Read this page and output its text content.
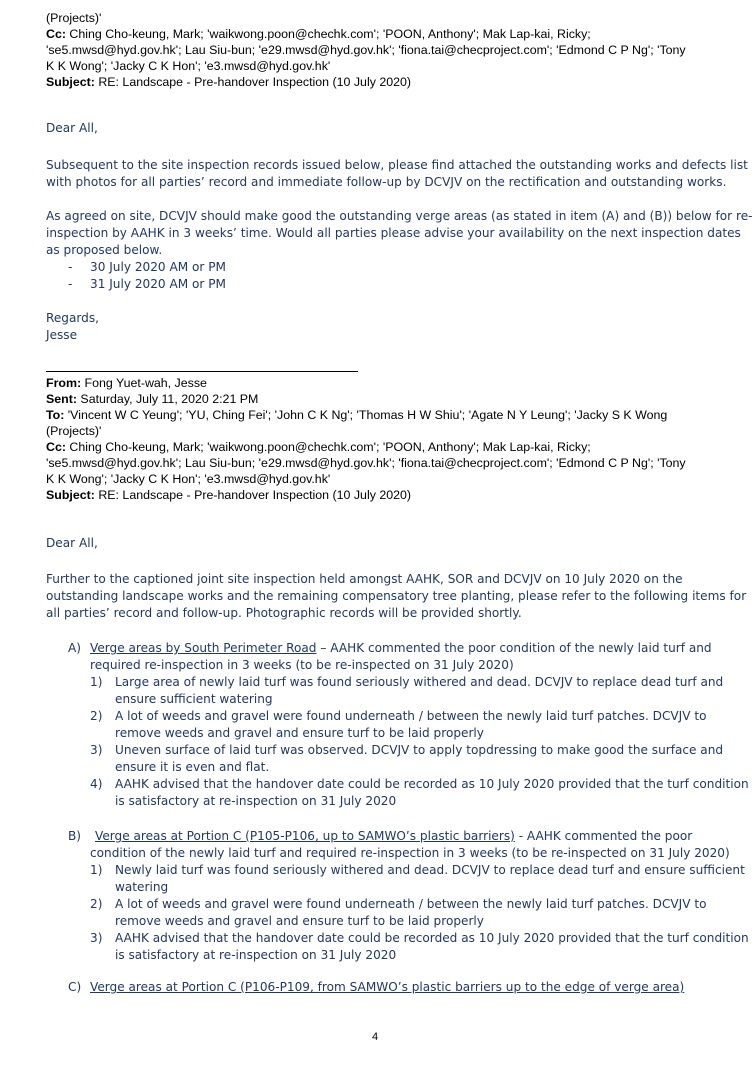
(Projects)'
Cc: Ching Cho-keung, Mark; 'waikwong.poon@chechk.com'; 'POON, Anthony'; Mak Lap-kai, Ricky;
'se5.mwsd@hyd.gov.hk'; Lau Siu-bun; 'e29.mwsd@hyd.gov.hk'; 'fiona.tai@checproject.com'; 'Edmond C P Ng'; 'Tony
K K Wong'; 'Jacky C K Hon'; 'e3.mwsd@hyd.gov.hk'
Subject: RE: Landscape - Pre-handover Inspection (10 July 2020)
Dear All,
Subsequent to the site inspection records issued below, please find attached the outstanding works and defects list
with photos for all parties’ record and immediate follow-up by DCVJV on the rectification and outstanding works.
As agreed on site, DCVJV should make good the outstanding verge areas (as stated in item (A) and (B)) below for re-
inspection by AAHK in 3 weeks’ time. Would all parties please advise your availability on the next inspection dates
as proposed below.
- 30 July 2020 AM or PM
- 31 July 2020 AM or PM
Regards,
Jesse
From: Fong Yuet-wah, Jesse
Sent: Saturday, July 11, 2020 2:21 PM
To: 'Vincent W C Yeung'; 'YU, Ching Fei'; 'John C K Ng'; 'Thomas H W Shiu'; 'Agate N Y Leung'; 'Jacky S K Wong
(Projects)'
Cc: Ching Cho-keung, Mark; 'waikwong.poon@chechk.com'; 'POON, Anthony'; Mak Lap-kai, Ricky;
'se5.mwsd@hyd.gov.hk'; Lau Siu-bun; 'e29.mwsd@hyd.gov.hk'; 'fiona.tai@checproject.com'; 'Edmond C P Ng'; 'Tony
K K Wong'; 'Jacky C K Hon'; 'e3.mwsd@hyd.gov.hk'
Subject: RE: Landscape - Pre-handover Inspection (10 July 2020)
Dear All,
Further to the captioned joint site inspection held amongst AAHK, SOR and DCVJV on 10 July 2020 on the
outstanding landscape works and the remaining compensatory tree planting, please refer to the following items for
all parties’ record and follow-up. Photographic records will be provided shortly.
A) Verge areas by South Perimeter Road – AAHK commented the poor condition of the newly laid turf and
required re-inspection in 3 weeks (to be re-inspected on 31 July 2020)
1) Large area of newly laid turf was found seriously withered and dead. DCVJV to replace dead turf and
ensure sufficient watering
2) A lot of weeds and gravel were found underneath / between the newly laid turf patches. DCVJV to
remove weeds and gravel and ensure turf to be laid properly
3) Uneven surface of laid turf was observed. DCVJV to apply topdressing to make good the surface and
ensure it is even and flat.
4) AAHK advised that the handover date could be recorded as 10 July 2020 provided that the turf condition
is satisfactory at re-inspection on 31 July 2020
B) Verge areas at Portion C (P105-P106, up to SAMWO’s plastic barriers) - AAHK commented the poor
condition of the newly laid turf and required re-inspection in 3 weeks (to be re-inspected on 31 July 2020)
1) Newly laid turf was found seriously withered and dead. DCVJV to replace dead turf and ensure sufficient
watering
2) A lot of weeds and gravel were found underneath / between the newly laid turf patches. DCVJV to
remove weeds and gravel and ensure turf to be laid properly
3) AAHK advised that the handover date could be recorded as 10 July 2020 provided that the turf condition
is satisfactory at re-inspection on 31 July 2020
C) Verge areas at Portion C (P106-P109, from SAMWO’s plastic barriers up to the edge of verge area)
4
